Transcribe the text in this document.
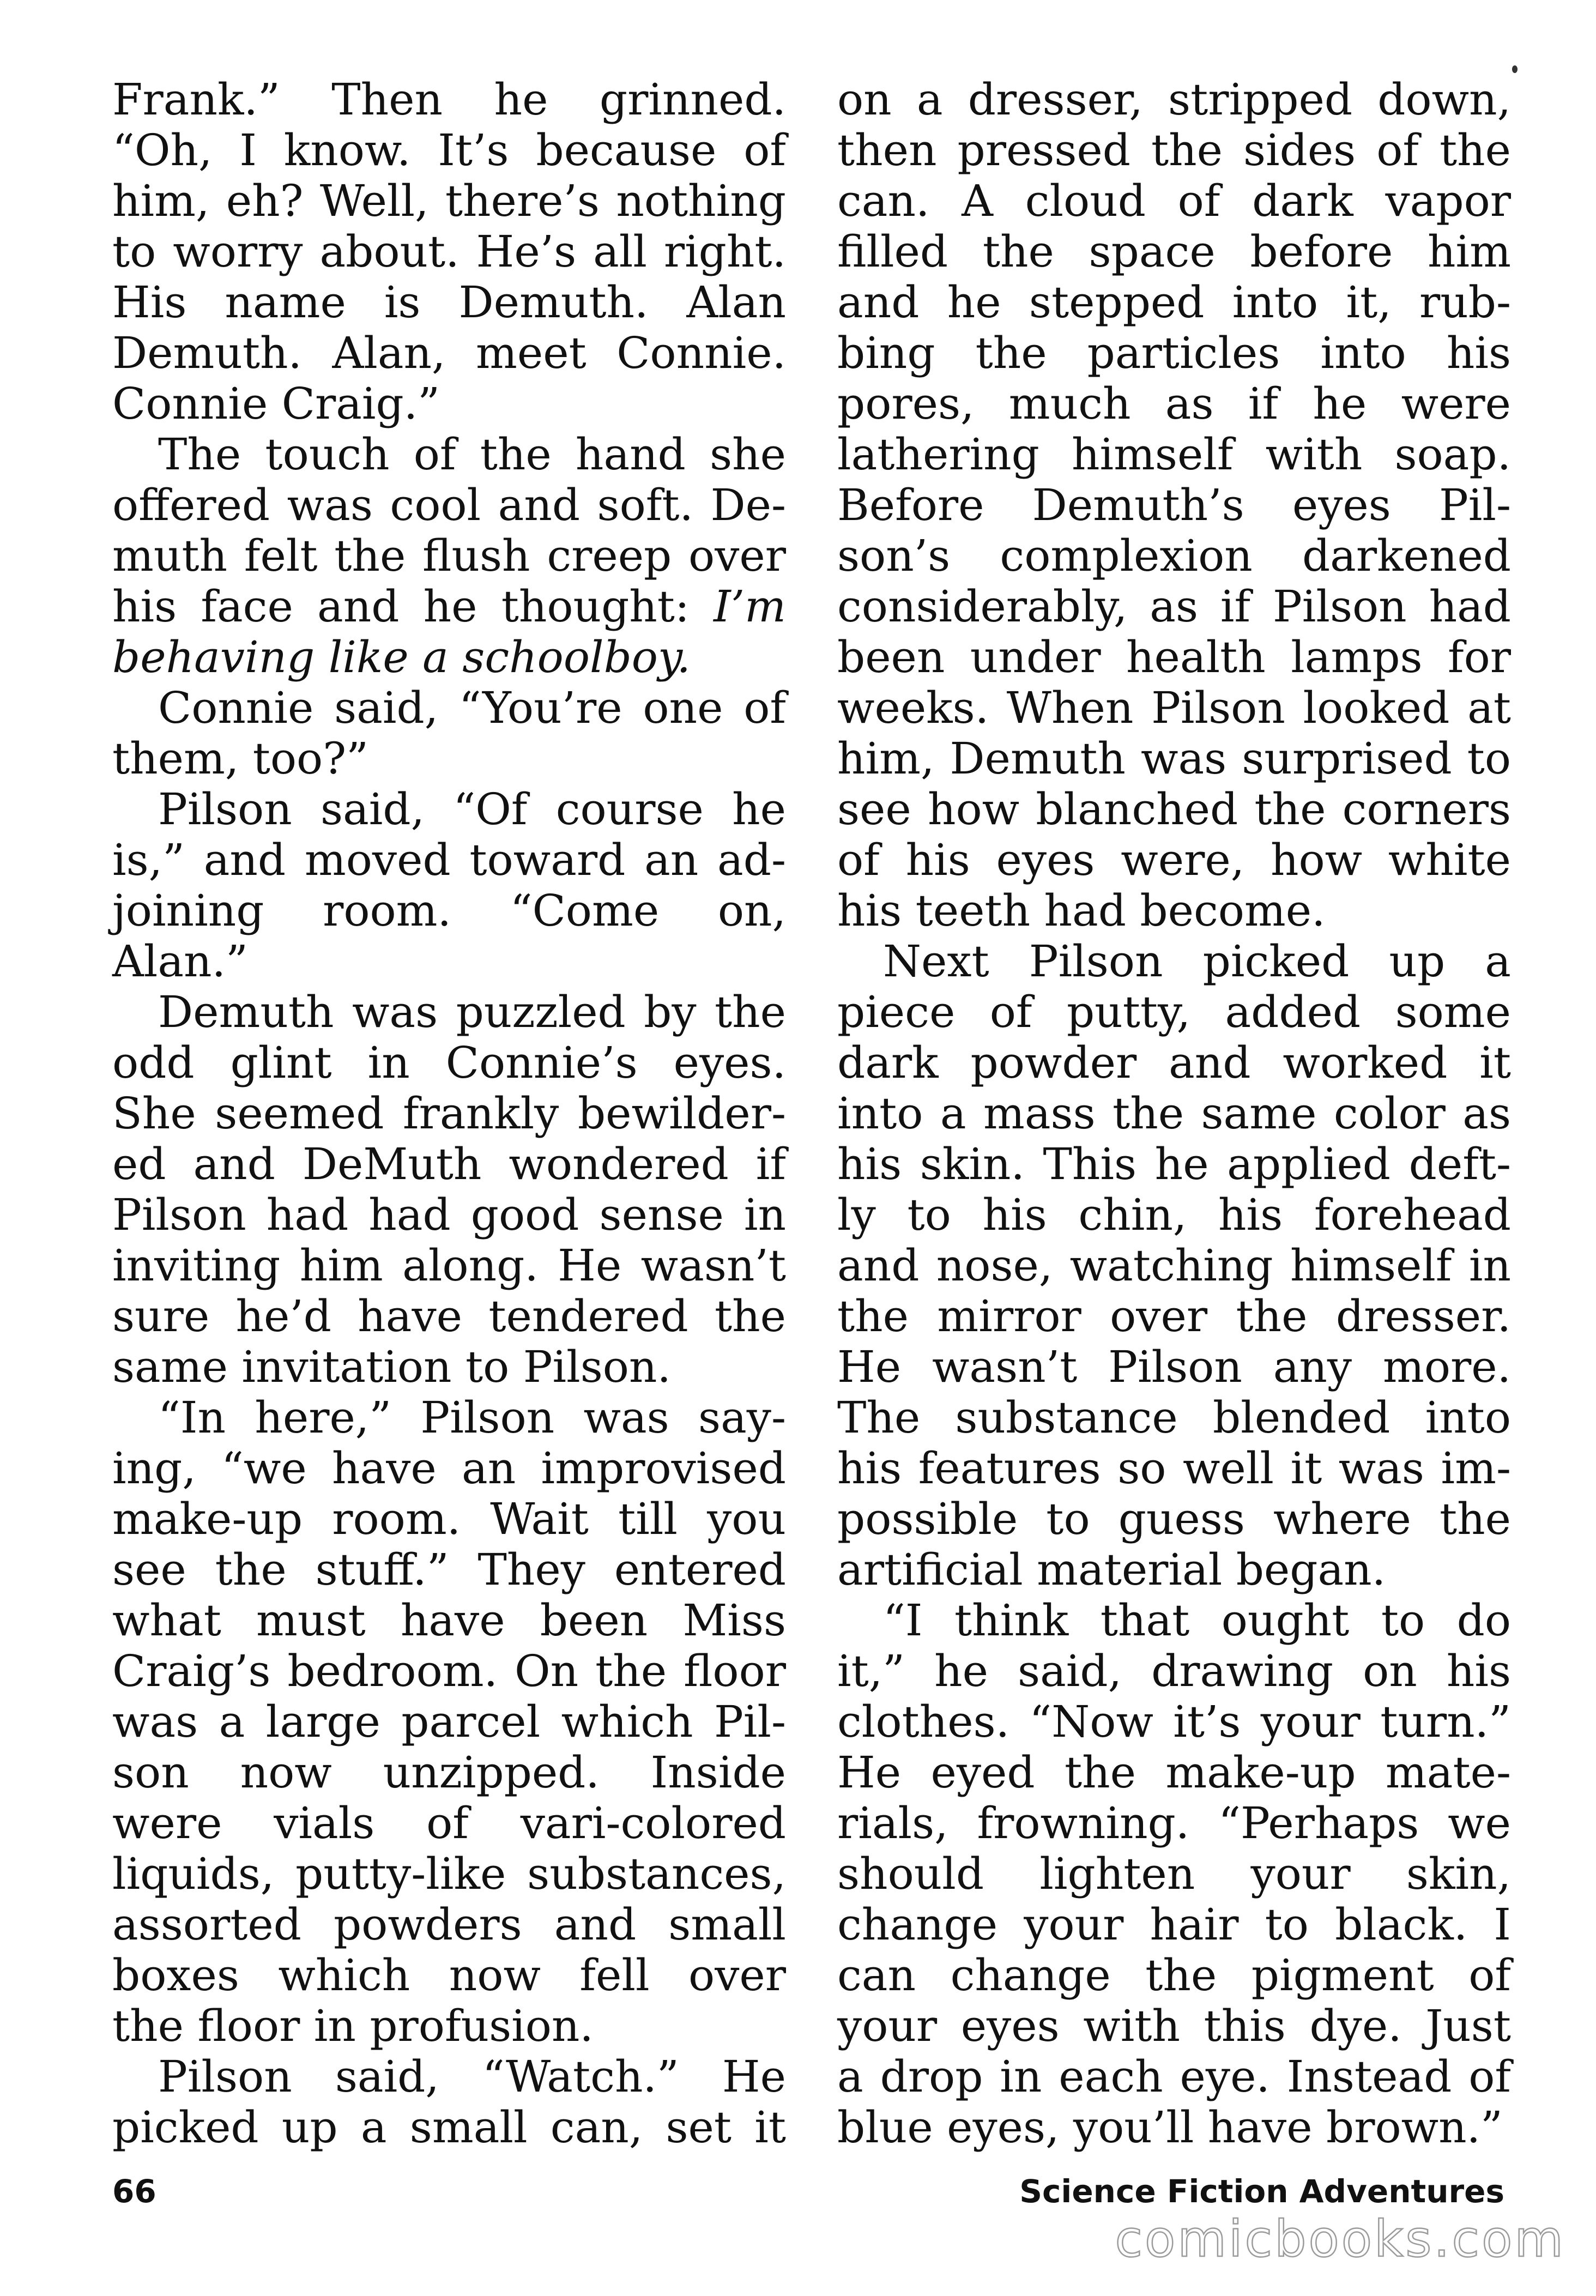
Frank.” Then he grinned.
“Oh, I know. It’s because of
him, eh? Well, there’s nothing
to worry about. He’s all right.
His name is Demuth. Alan
Demuth. Alan, meet Connie.
Connie Craig.”
The touch of the hand she
offered was cool and soft. De-
muth felt the flush creep over
his face and he thought: I’m
behaving like a schoolboy.
Connie said, “You’re one of
them, too?”
Pilson said, “Of course he
is,” and moved toward an ad-
joining room. “Come on,
Alan.”
Demuth was puzzled by the
odd glint in Connie’s eyes.
She seemed frankly bewilder-
ed and DeMuth wondered if
Pilson had had good sense in
inviting him along. He wasn’t
sure he’d have tendered the
same invitation to Pilson.
“In here,” Pilson was say-
ing, “we have an improvised
make-up room. Wait till you
see the stuff.” They entered
what must have been Miss
Craig’s bedroom. On the floor
was a large parcel which Pil-
son now unzipped. Inside
were vials of vari-colored
liquids, putty-like substances,
assorted powders and small
boxes which now fell over
the floor in profusion.
Pilson said, “Watch.” He
picked up a small can, set it
on a dresser, stripped down,
then pressed the sides of the
can. A cloud of dark vapor
filled the space before him
and he stepped into it, rub-
bing the particles into his
pores, much as if he were
lathering himself with soap.
Before Demuth’s eyes Pil-
son’s complexion darkened
considerably, as if Pilson had
been under health lamps for
weeks. When Pilson looked at
him, Demuth was surprised to
see how blanched the corners
of his eyes were, how white
his teeth had become.
Next Pilson picked up a
piece of putty, added some
dark powder and worked it
into a mass the same color as
his skin. This he applied deft-
ly to his chin, his forehead
and nose, watching himself in
the mirror over the dresser.
He wasn’t Pilson any more.
The substance blended into
his features so well it was im-
possible to guess where the
artificial material began.
“I think that ought to do
it,” he said, drawing on his
clothes. “Now it’s your turn.”
He eyed the make-up mate-
rials, frowning. “Perhaps we
should lighten your skin,
change your hair to black. I
can change the pigment of
your eyes with this dye. Just
a drop in each eye. Instead of
blue eyes, you’ll have brown.”
66	Science Fiction Adventures
comicbooks.com
